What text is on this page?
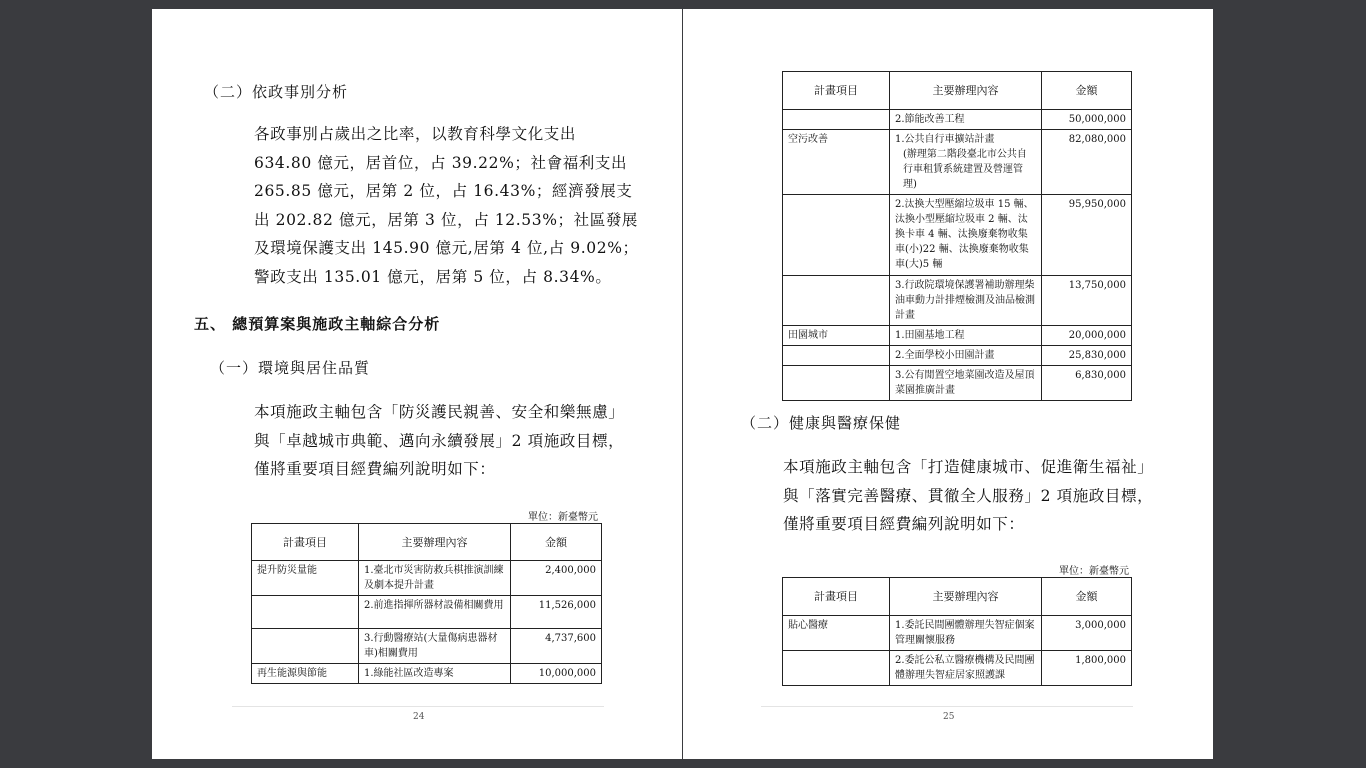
（二）依政事別分析
各政事別占歲出之比率，以教育科學文化支出
634.80 億元，居首位，占 39.22%；社會福利支出
265.85 億元，居第 2 位，占 16.43%；經濟發展支
出 202.82 億元，居第 3 位，占 12.53%；社區發展
及環境保護支出 145.90 億元,居第 4 位,占 9.02%；
警政支出 135.01 億元，居第 5 位，占 8.34%。
五、 總預算案與施政主軸綜合分析
（一）環境與居住品質
本項施政主軸包含「防災護民親善、安全和樂無慮」
與「卓越城市典範、邁向永續發展」2 項施政目標，
僅將重要項目經費編列說明如下：
單位：新臺幣元
計畫項目	主要辦理內容	金額
提升防災量能	1.臺北市災害防救兵棋推演訓練及劇本提升計畫	2,400,000
	2.前進指揮所器材設備相關費用	11,526,000
	3.行動醫療站(大量傷病患器材車)相關費用	4,737,600
再生能源與節能	1.綠能社區改造專案	10,000,000
24
計畫項目	主要辦理內容	金額
	2.節能改善工程	50,000,000
空污改善	1.公共自行車擴站計畫
(辦理第二階段臺北市公共自行車租賃系統建置及營運管理)	82,080,000
	2.汰換大型壓縮垃圾車 15 輛、汰換小型壓縮垃圾車 2 輛、汰換卡車 4 輛、汰換廢棄物收集車(小)22 輛、汰換廢棄物收集車(大)5 輛	95,950,000
	3.行政院環境保護署補助辦理柴油車動力計排煙檢測及油品檢測計畫	13,750,000
田園城市	1.田園基地工程	20,000,000
	2.全面學校小田園計畫	25,830,000
	3.公有閒置空地菜園改造及屋頂菜園推廣計畫	6,830,000
（二）健康與醫療保健
本項施政主軸包含「打造健康城市、促進衛生福祉」
與「落實完善醫療、貫徹全人服務」2 項施政目標，
僅將重要項目經費編列說明如下：
單位：新臺幣元
計畫項目	主要辦理內容	金額
貼心醫療	1.委託民間團體辦理失智症個案管理關懷服務	3,000,000
	2.委託公私立醫療機構及民間團體辦理失智症居家照護課	1,800,000
25
